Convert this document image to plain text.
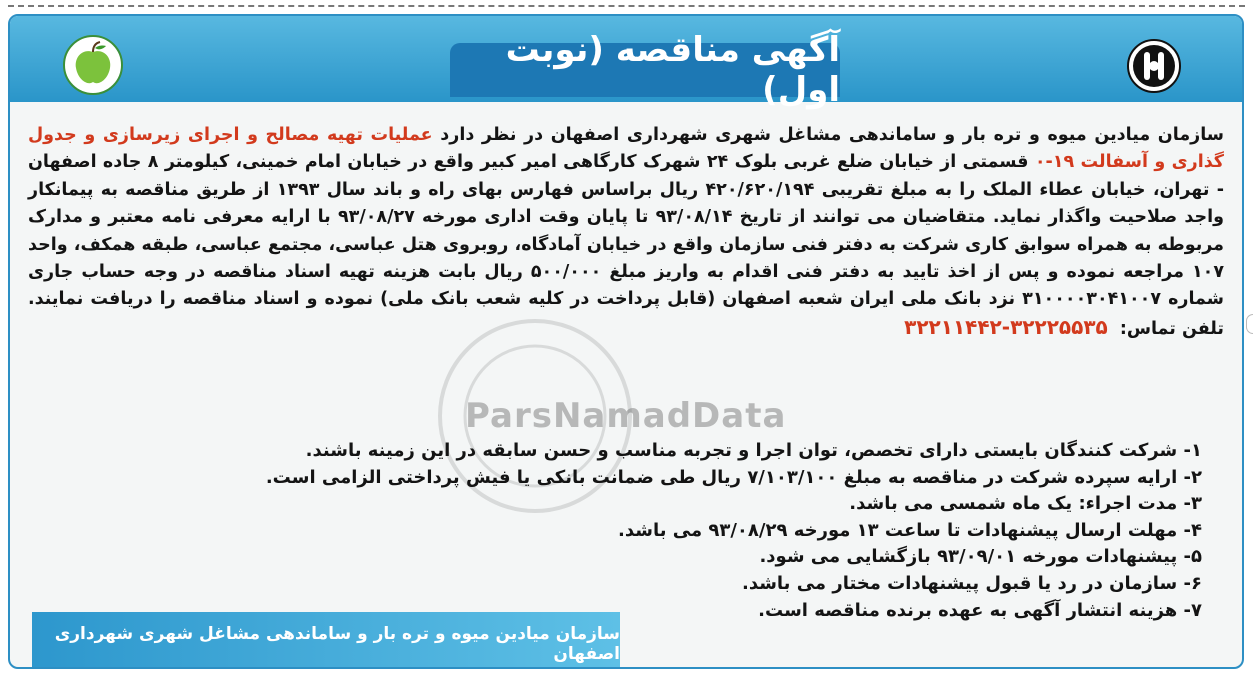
آگهی مناقصه (نوبت اول)
ParsNamadData
سازمان میادین میوه و تره بار و ساماندهی مشاغل شهری شهرداری اصفهان در نظر دارد عملیات تهیه مصالح و اجرای زیرسازی و جدول گذاری و آسفالت ۱۹-۰ قسمتی از خیابان ضلع غربی بلوک ۲۴ شهرک کارگاهی امیر کبیر واقع در خیابان امام خمینی، کیلومتر ۸ جاده اصفهان - تهران، خیابان عطاء الملک را به مبلغ تقریبی ۴۲۰/۶۲۰/۱۹۴ ریال براساس فهارس بهای راه و باند سال ۱۳۹۳ از طریق مناقصه به پیمانکار واجد صلاحیت واگذار نماید. متقاضیان می توانند از تاریخ ۹۳/۰۸/۱۴ تا پایان وقت اداری مورخه ۹۳/۰۸/۲۷ با ارایه معرفی نامه معتبر و مدارک مربوطه به همراه سوابق کاری شرکت به دفتر فنی سازمان واقع در خیابان آمادگاه، روبروی هتل عباسی، مجتمع عباسی، طبقه همکف، واحد ۱۰۷ مراجعه نموده و پس از اخذ تایید به دفتر فنی اقدام به واریز مبلغ ۵۰۰/۰۰۰ ریال بابت هزینه تهیه اسناد مناقصه در وجه حساب جاری شماره ۳۱۰۰۰۰۳۰۴۱۰۰۷ نزد بانک ملی ایران شعبه اصفهان (قابل پرداخت در کلیه شعب بانک ملی) نموده و اسناد مناقصه را دریافت نمایند. تلفن تماس: ۳۲۲۲۵۵۳۵-۳۲۲۱۱۴۴۲
۱- شرکت کنندگان بایستی دارای تخصص، توان اجرا و تجربه مناسب و حسن سابقه در این زمینه باشند.
۲- ارایه سپرده شرکت در مناقصه به مبلغ ۷/۱۰۳/۱۰۰ ریال طی ضمانت بانکی یا فیش پرداختی الزامی است.
۳- مدت اجراء: یک ماه شمسی می باشد.
۴- مهلت ارسال پیشنهادات تا ساعت ۱۳ مورخه ۹۳/۰۸/۲۹ می باشد.
۵- پیشنهادات مورخه ۹۳/۰۹/۰۱ بازگشایی می شود.
۶- سازمان در رد یا قبول پیشنهادات مختار می باشد.
۷- هزینه انتشار آگهی به عهده برنده مناقصه است.
سازمان میادین میوه و تره بار و ساماندهی مشاغل شهری شهرداری اصفهان
